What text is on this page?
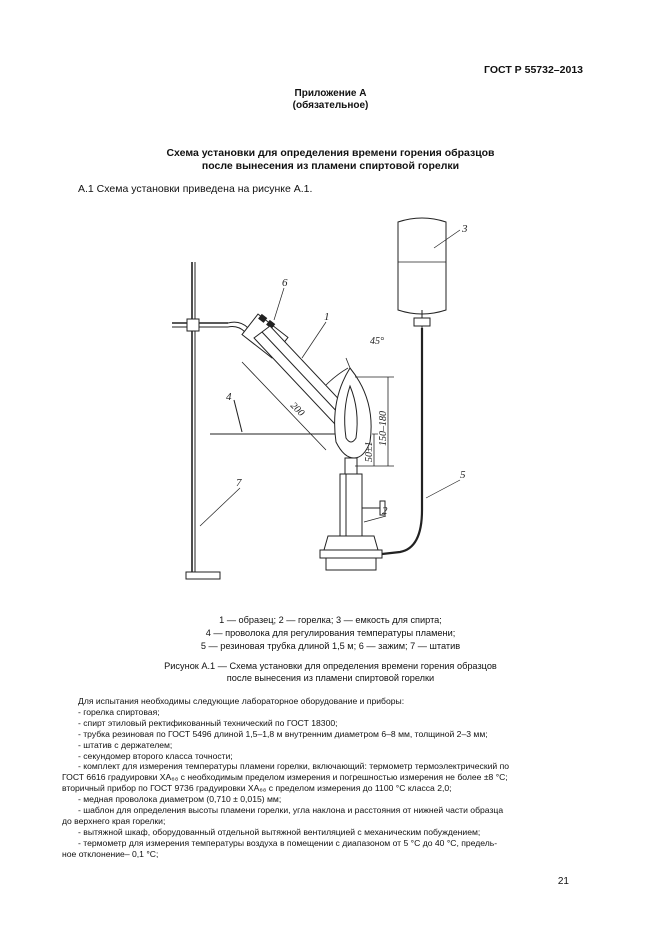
ГОСТ Р 55732–2013
Приложение А
(обязательное)
Схема установки для определения времени горения образцов
после вынесения из пламени спиртовой горелки
А.1 Схема установки приведена на рисунке А.1.
6
1
3
4
5
2
7
45°
200
150–180
50±1
1 — образец; 2 — горелка; 3 — емкость для спирта;
4 — проволока для регулирования температуры пламени;
5 — резиновая трубка длиной 1,5 м; 6 — зажим; 7 — штатив
Рисунок А.1 — Схема установки для определения времени горения образцов
после вынесения из пламени спиртовой горелки
Для испытания необходимы следующие лабораторное оборудование и приборы:
- горелка спиртовая;
- спирт этиловый ректификованный технический по ГОСТ 18300;
- трубка резиновая по ГОСТ 5496 длиной 1,5–1,8 м внутренним диаметром 6–8 мм, толщиной 2–3 мм;
- штатив с держателем;
- секундомер второго класса точности;
- комплект для измерения температуры пламени горелки, включающий: термометр термоэлектрический по
ГОСТ 6616 градуировки ХА₆₈ с необходимым пределом измерения и погрешностью измерения не более ±8 °С;
вторичный прибор по ГОСТ 9736 градуировки ХА₆₈ с пределом измерения до 1100 °С класса 2,0;
- медная проволока диаметром (0,710 ± 0,015) мм;
- шаблон для определения высоты пламени горелки, угла наклона и расстояния от нижней части образца
до верхнего края горелки;
- вытяжной шкаф, оборудованный отдельной вытяжной вентиляцией с механическим побуждением;
- термометр для измерения температуры воздуха в помещении с диапазоном от 5 °С до 40 °С, предель-
ное отклонение– 0,1 °С;
21
